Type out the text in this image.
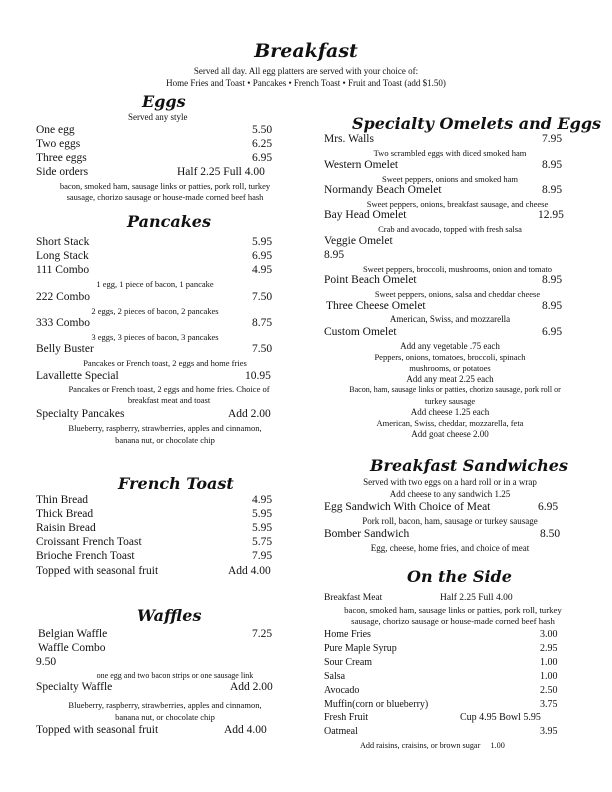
Breakfast
Served all day. All egg platters are served with your choice of:
Home Fries and Toast • Pancakes • French Toast • Fruit and Toast (add $1.50)
Eggs
Served any style
One egg	5.50
Two eggs	6.25
Three eggs	6.95
Side orders	Half 2.25 Full 4.00
bacon, smoked ham, sausage links or patties, pork roll, turkey
sausage, chorizo sausage or house-made corned beef hash
Pancakes
Short Stack	5.95
Long Stack	6.95
111 Combo	4.95
1 egg, 1 piece of bacon, 1 pancake
222 Combo	7.50
2 eggs, 2 pieces of bacon, 2 pancakes
333 Combo	8.75
3 eggs, 3 pieces of bacon, 3 pancakes
Belly Buster	7.50
Pancakes or French toast, 2 eggs and home fries
Lavallette Special	10.95
Pancakes or French toast, 2 eggs and home fries. Choice of
breakfast meat and toast
Specialty Pancakes	Add 2.00
Blueberry, raspberry, strawberries, apples and cinnamon,
banana nut, or chocolate chip
French Toast
Thin Bread	4.95
Thick Bread	5.95
Raisin Bread	5.95
Croissant French Toast	5.75
Brioche French Toast	7.95
Topped with seasonal fruit	Add 4.00
Waffles
Belgian Waffle	7.25
Waffle Combo
9.50
one egg and two bacon strips or one sausage link
Specialty Waffle	Add 2.00
Blueberry, raspberry, strawberries, apples and cinnamon,
banana nut, or chocolate chip
Topped with seasonal fruit	Add 4.00
Specialty Omelets and Eggs
Mrs. Walls	7.95
Two scrambled eggs with diced smoked ham
Western Omelet	8.95
Sweet peppers, onions and smoked ham
Normandy Beach Omelet	8.95
Sweet peppers, onions, breakfast sausage, and cheese
Bay Head Omelet	12.95
Crab and avocado, topped with fresh salsa
Veggie Omelet
8.95
Sweet peppers, broccoli, mushrooms, onion and tomato
Point Beach Omelet	8.95
Sweet peppers, onions, salsa and cheddar cheese
Three Cheese Omelet	8.95
American, Swiss, and mozzarella
Custom Omelet	6.95
Add any vegetable .75 each
Peppers, onions, tomatoes, broccoli, spinach
mushrooms, or potatoes
Add any meat 2.25 each
Bacon, ham, sausage links or patties, chorizo sausage, pork roll or
turkey sausage
Add cheese 1.25 each
American, Swiss, cheddar, mozzarella, feta
Add goat cheese 2.00
Breakfast Sandwiches
Served with two eggs on a hard roll or in a wrap
Add cheese to any sandwich 1.25
Egg Sandwich With Choice of Meat	6.95
Pork roll, bacon, ham, sausage or turkey sausage
Bomber Sandwich	8.50
Egg, cheese, home fries, and choice of meat
On the Side
Breakfast Meat	Half 2.25 Full 4.00
bacon, smoked ham, sausage links or patties, pork roll, turkey
sausage, chorizo sausage or house-made corned beef hash
Home Fries	3.00
Pure Maple Syrup	2.95
Sour Cream	1.00
Salsa	1.00
Avocado	2.50
Muffin(corn or blueberry)	3.75
Fresh Fruit	Cup 4.95 Bowl 5.95
Oatmeal	3.95
Add raisins, craisins, or brown sugar     1.00
